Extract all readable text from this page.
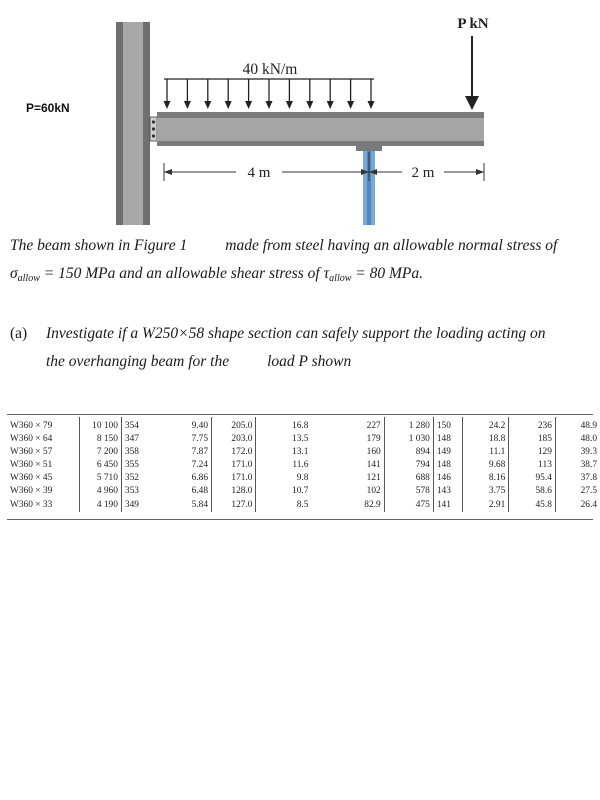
40 kN/m
P kN
4 m	2 m
P=60kN
The beam shown in Figure 1 made from steel having an allowable normal stress of
$\sigma_{allow} = 150$ MPa and an allowable shear stress of $\tau_{allow} = 80$ MPa.
(a) Investigate if a W250×58 shape section can safely support the loading acting on
the overhanging beam for the load P shown
W360 × 79	10 100	354	9.40	205.0	16.8	227	1 280	150	24.2	236	48.9
W360 × 64	8 150	347	7.75	203.0	13.5	179	1 030	148	18.8	185	48.0
W360 × 57	7 200	358	7.87	172.0	13.1	160	894	149	11.1	129	39.3
W360 × 51	6 450	355	7.24	171.0	11.6	141	794	148	9.68	113	38.7
W360 × 45	5 710	352	6.86	171.0	9.8	121	688	146	8.16	95.4	37.8
W360 × 39	4 960	353	6.48	128.0	10.7	102	578	143	3.75	58.6	27.5
W360 × 33	4 190	349	5.84	127.0	8.5	82.9	475	141	2.91	45.8	26.4
